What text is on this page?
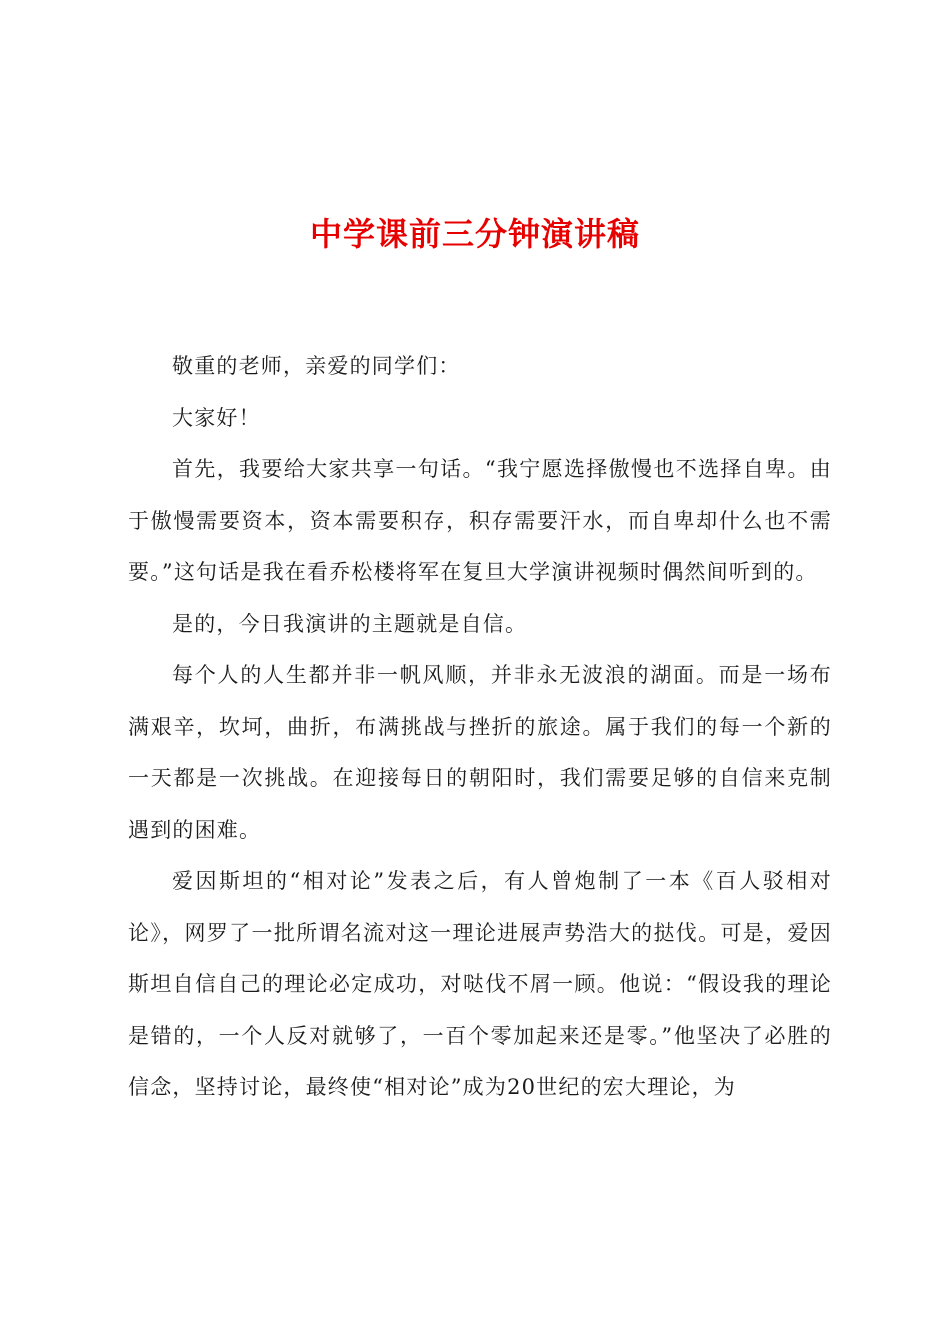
中学课前三分钟演讲稿

敬重的老师，亲爱的同学们：

大家好！

首先，我要给大家共享一句话。“我宁愿选择傲慢也不选择自卑。由于傲慢需要资本，资本需要积存，积存需要汗水，而自卑却什么也不需要。”这句话是我在看乔松楼将军在复旦大学演讲视频时偶然间听到的。

是的，今日我演讲的主题就是自信。

每个人的人生都并非一帆风顺，并非永无波浪的湖面。而是一场布满艰辛，坎坷，曲折，布满挑战与挫折的旅途。属于我们的每一个新的一天都是一次挑战。在迎接每日的朝阳时，我们需要足够的自信来克制遇到的困难。

爱因斯坦的“相对论”发表之后，有人曾炮制了一本《百人驳相对论》，网罗了一批所谓名流对这一理论进展声势浩大的挞伐。可是，爱因斯坦自信自己的理论必定成功，对哒伐不屑一顾。他说：“假设我的理论是错的，一个人反对就够了，一百个零加起来还是零。”他坚决了必胜的信念，坚持讨论，最终使“相对论”成为20世纪的宏大理论，为
